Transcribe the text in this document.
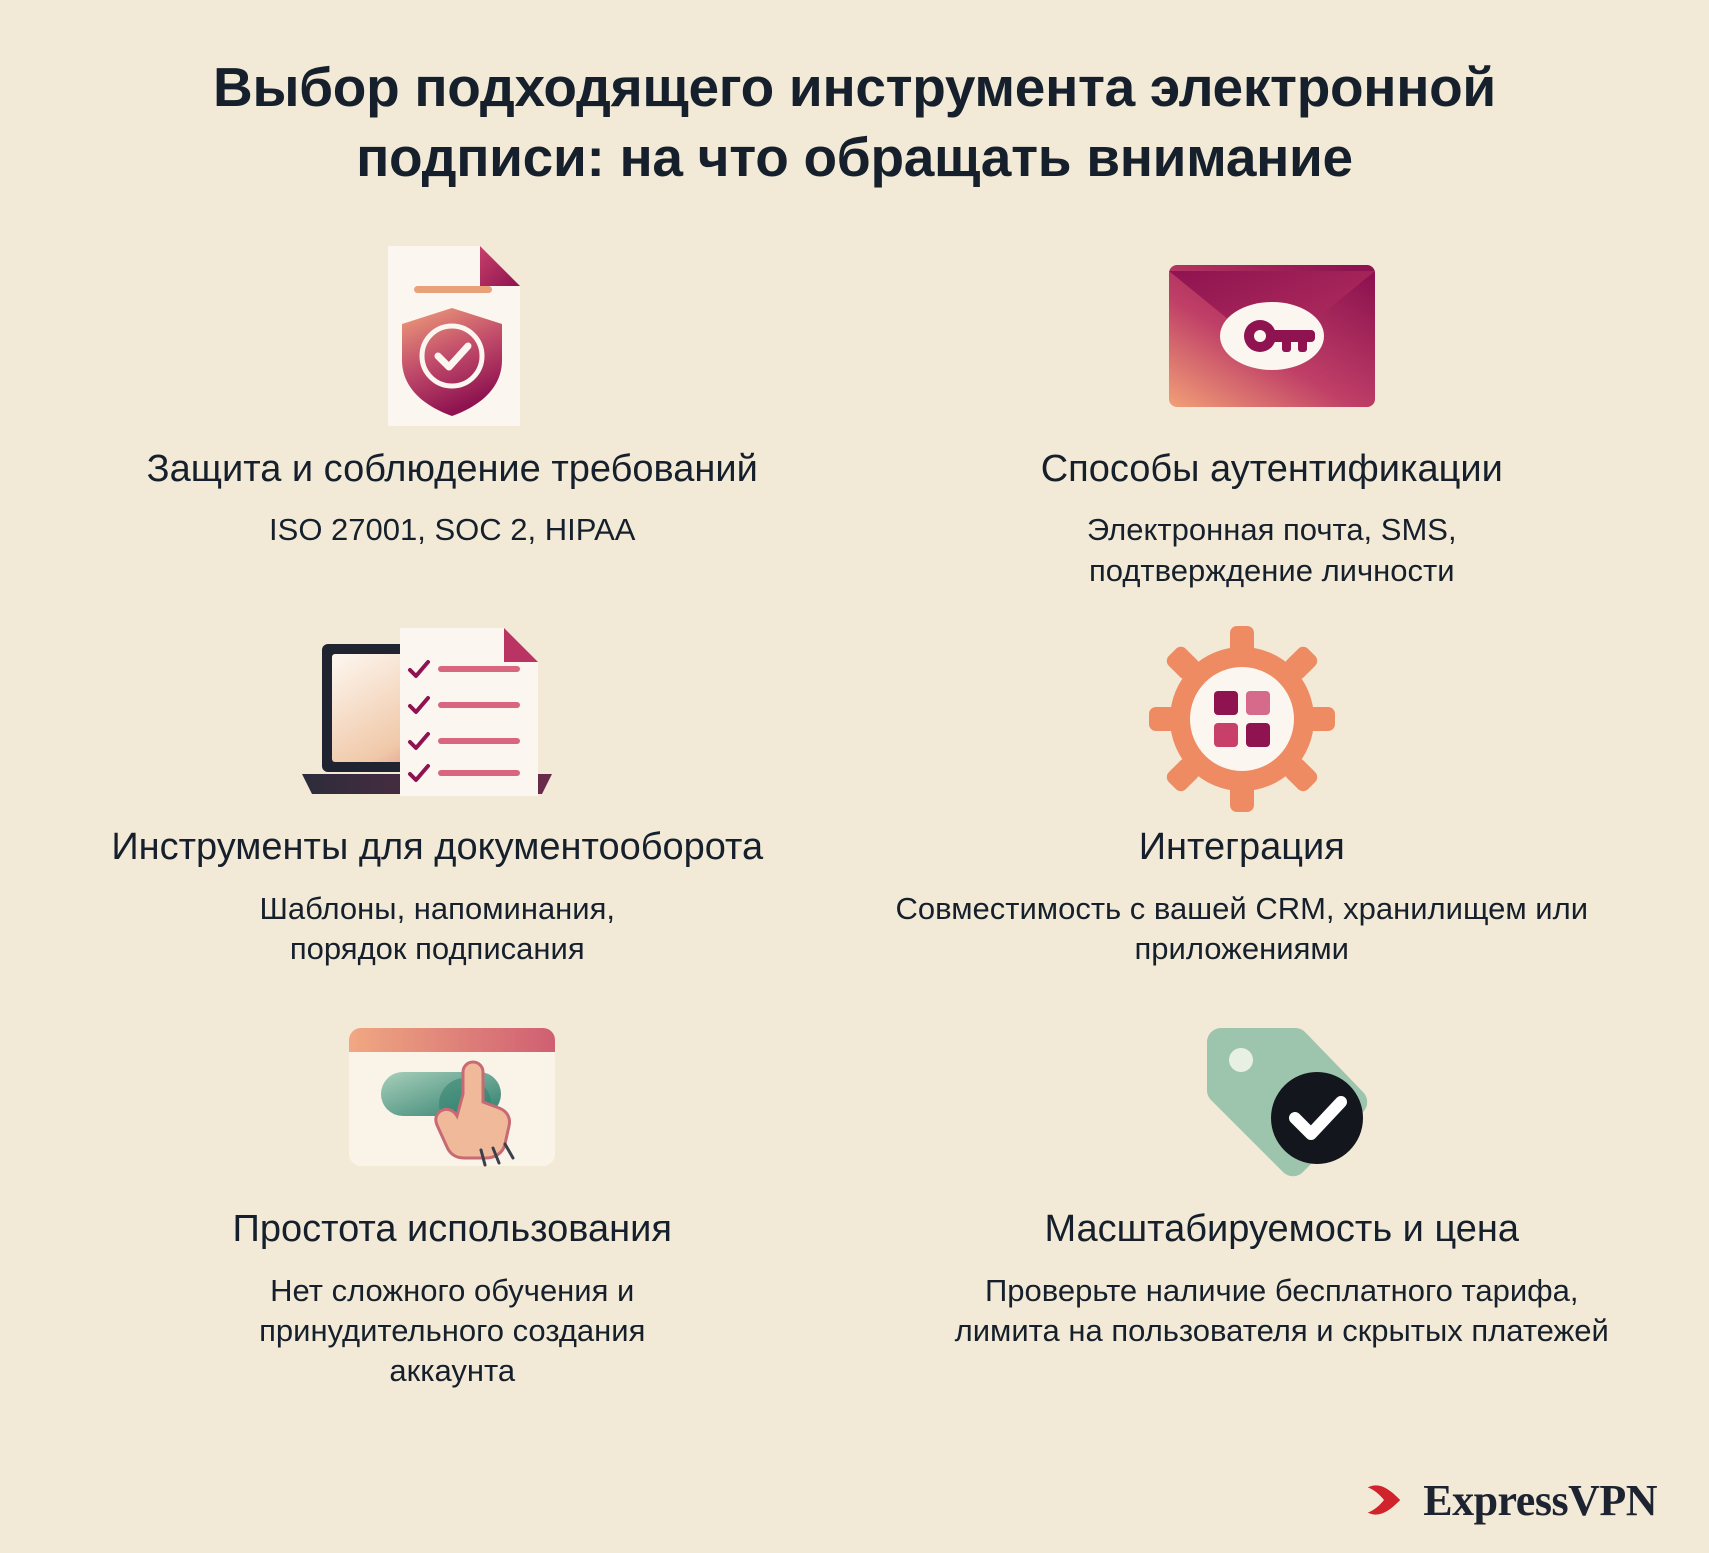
Выбор подходящего инструмента электронной подписи: на что обращать внимание
Защита и соблюдение требований
ISO 27001, SOC 2, HIPAA
Способы аутентификации
Электронная почта, SMS, подтверждение личности
Инструменты для документооборота
Шаблоны, напоминания, порядок подписания
Интеграция
Совместимость с вашей CRM, хранилищем или приложениями
Простота использования
Нет сложного обучения и принудительного создания аккаунта
Масштабируемость и цена
Проверьте наличие бесплатного тарифа, лимита на пользователя и скрытых платежей
ExpressVPN
